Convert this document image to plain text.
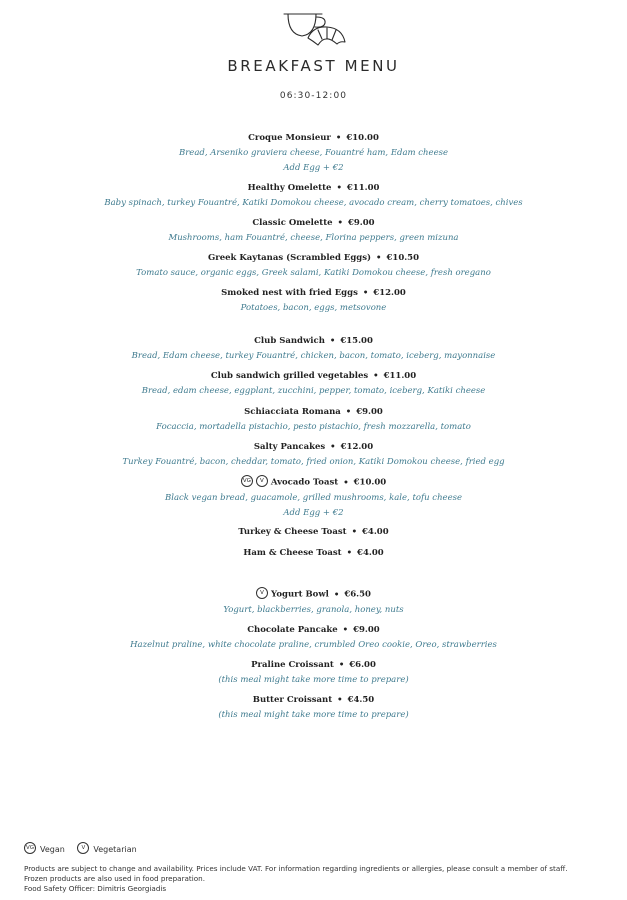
BREAKFAST MENU
06:30-12:00
Croque Monsieur • €10.00
Bread, Arseniko graviera cheese, Fouantré ham, Edam cheese
Add Egg + €2
Healthy Omelette • €11.00
Baby spinach, turkey Fouantré, Katiki Domokou cheese, avocado cream, cherry tomatoes, chives
Classic Omelette • €9.00
Mushrooms, ham Fouantré, cheese, Florina peppers, green mizuna
Greek Kaytanas (Scrambled Eggs) • €10.50
Tomato sauce, organic eggs, Greek salami, Katiki Domokou cheese, fresh oregano
Smoked nest with fried Eggs • €12.00
Potatoes, bacon, eggs, metsovone
Club Sandwich • €15.00
Bread, Edam cheese, turkey Fouantré, chicken, bacon, tomato, iceberg, mayonnaise
Club sandwich grilled vegetables • €11.00
Bread, edam cheese, eggplant, zucchini, pepper, tomato, iceberg, Katiki cheese
Schiacciata Romana • €9.00
Focaccia, mortadella pistachio, pesto pistachio, fresh mozzarella, tomato
Salty Pancakes • €12.00
Turkey Fouantré, bacon, cheddar, tomato, fried onion, Katiki Domokou cheese, fried egg
VG V Avocado Toast • €10.00
Black vegan bread, guacamole, grilled mushrooms, kale, tofu cheese
Add Egg + €2
Turkey & Cheese Toast • €4.00
Ham & Cheese Toast • €4.00
V Yogurt Bowl • €6.50
Yogurt, blackberries, granola, honey, nuts
Chocolate Pancake • €9.00
Hazelnut praline, white chocolate praline, crumbled Oreo cookie, Oreo, strawberries
Praline Croissant • €6.00
(this meal might take more time to prepare)
Butter Croissant • €4.50
(this meal might take more time to prepare)
VG Vegan	V Vegetarian
Products are subject to change and availability. Prices include VAT. For information regarding ingredients or allergies, please consult a member of staff.
Frozen products are also used in food preparation.
Food Safety Officer: Dimitris Georgiadis
